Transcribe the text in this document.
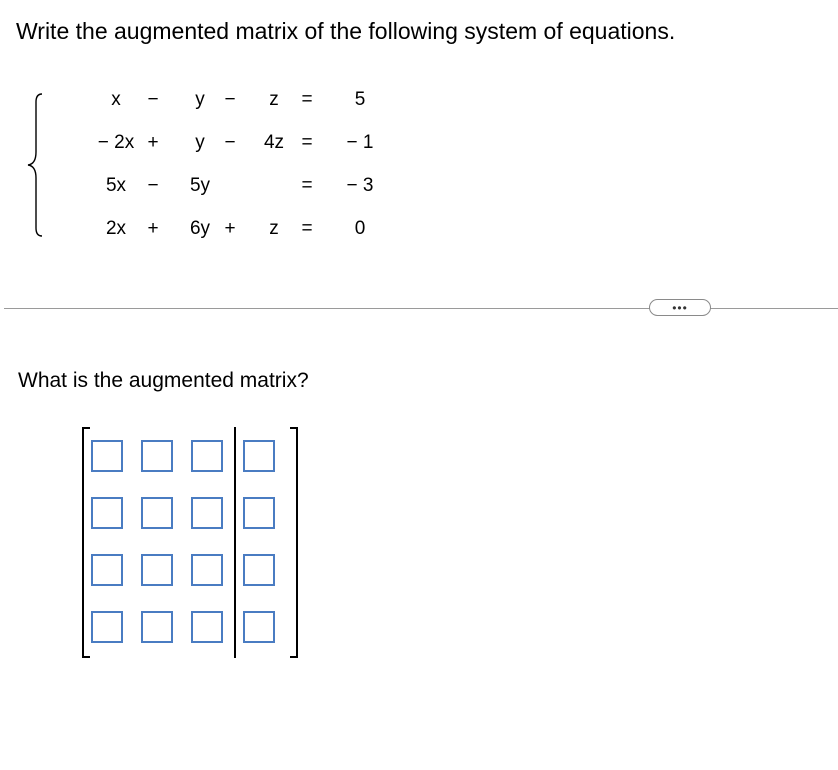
Write the augmented matrix of the following system of equations.
x − y − z = 5
− 2x + y − 4z = − 1
5x − 5y	= − 3
2x + 6y + z = 0
•••
What is the augmented matrix?
